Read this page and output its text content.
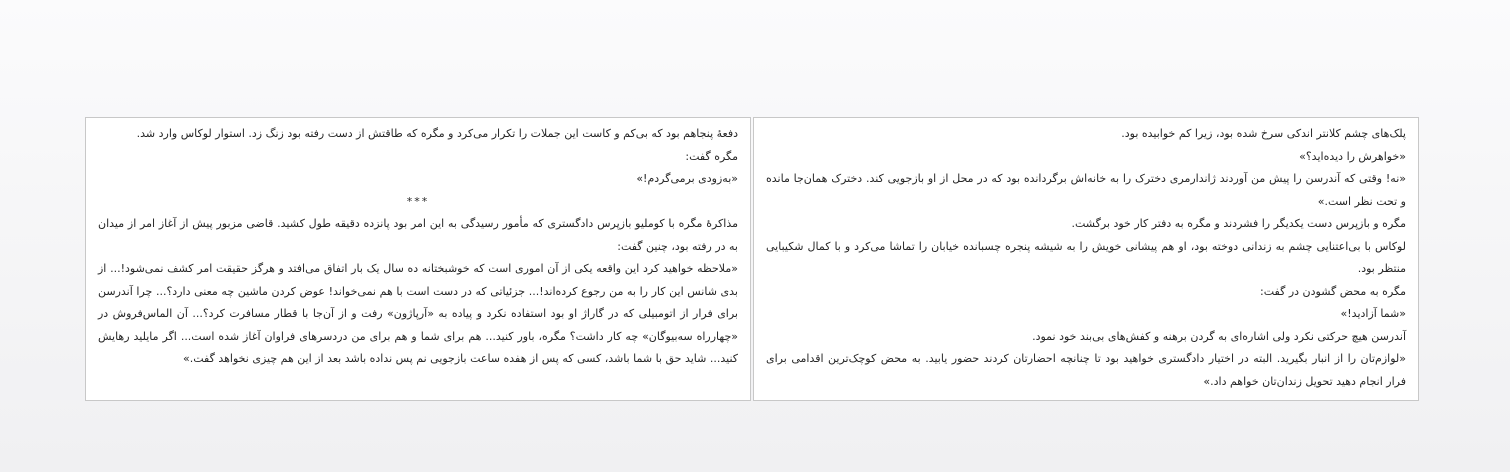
پلک‌های چشم کلانتر اندکی سرخ شده بود، زیرا کم خوابیده بود.

«خواهرش را دیده‌اید؟»

«نه! وقتی که آندرسن را پیش من آوردند ژاندارمری دخترک را به خانه‌اش برگردانده بود که در محل از او بازجویی کند. دخترک همان‌جا مانده و تحت نظر است.»

مگره و بازپرس دست یکدیگر را فشردند و مگره به دفتر کار خود برگشت.

لوکاس با بی‌اعتنایی چشم به زندانی دوخته بود، او هم پیشانی خویش را به شیشه پنجره چسبانده خیابان را تماشا می‌کرد و با کمال شکیبایی منتظر بود.

مگره به محض گشودن در گفت:

«شما آزادید!»

آندرسن هیچ حرکتی نکرد ولی اشاره‌ای به گردن برهنه و کفش‌های بی‌بند خود نمود.

«لوازم‌تان را از انبار بگیرید. البته در اختیار دادگستری خواهید بود تا چنانچه احضارتان کردند حضور یابید. به محض کوچک‌ترین اقدامی برای فرار انجام دهید تحویل زندان‌تان خواهم داد.»

دفعهٔ پنجاهم بود که بی‌کم و کاست این جملات را تکرار می‌کرد و مگره که طاقتش از دست رفته بود زنگ زد. استوار لوکاس وارد شد.

مگره گفت:

«به‌زودی برمی‌گردم!»

***

مذاکرهٔ مگره با کوملیو بازپرس دادگستری که مأمور رسیدگی به این امر بود پانزده دقیقه طول کشید. قاضی مزبور پیش از آغاز امر از میدان به در رفته بود، چنین گفت:

«ملاحظه خواهید کرد این واقعه یکی از آن اموری است که خوشبختانه ده سال یک بار اتفاق می‌افتد و هرگز حقیقت امر کشف نمی‌شود!... از بدی شانس این کار را به من رجوع کرده‌اند!... جزئیاتی که در دست است با هم نمی‌خواند! عوض کردن ماشین چه معنی دارد؟... چرا آندرسن برای فرار از اتومبیلی که در گاراژ او بود استفاده نکرد و پیاده به «آرپاژون» رفت و از آن‌جا با قطار مسافرت کرد؟... آن الماس‌فروش در «چهارراه سه‌بیوگان» چه کار داشت؟ مگره، باور کنید... هم برای شما و هم برای من دردسرهای فراوان آغاز شده است... اگر مایلید رهایش کنید... شاید حق با شما باشد، کسی که پس از هفده ساعت بازجویی نم پس نداده باشد بعد از این هم چیزی نخواهد گفت.»
